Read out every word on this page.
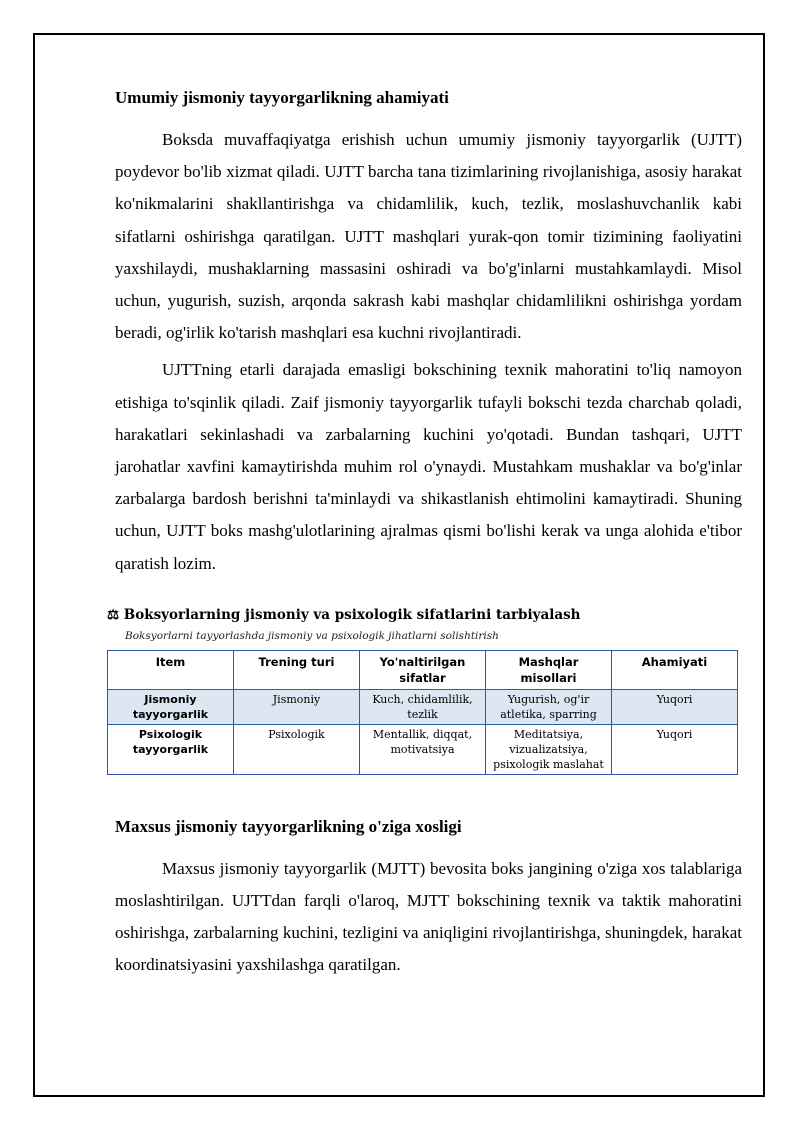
Umumiy jismoniy tayyorgarlikning ahamiyati

Boksda muvaffaqiyatga erishish uchun umumiy jismoniy tayyorgarlik (UJTT) poydevor bo'lib xizmat qiladi. UJTT barcha tana tizimlarining rivojlanishiga, asosiy harakat ko'nikmalarini shakllantirishga va chidamlilik, kuch, tezlik, moslashuvchanlik kabi sifatlarni oshirishga qaratilgan. UJTT mashqlari yurak-qon tomir tizimining faoliyatini yaxshilaydi, mushaklarning massasini oshiradi va bo'g'inlarni mustahkamlaydi. Misol uchun, yugurish, suzish, arqonda sakrash kabi mashqlar chidamlilikni oshirishga yordam beradi, og'irlik ko'tarish mashqlari esa kuchni rivojlantiradi.

UJTTning etarli darajada emasligi bokschining texnik mahoratini to'liq namoyon etishiga to'sqinlik qiladi. Zaif jismoniy tayyorgarlik tufayli bokschi tezda charchab qoladi, harakatlari sekinlashadi va zarbalarning kuchini yo'qotadi. Bundan tashqari, UJTT jarohatlar xavfini kamaytirishda muhim rol o'ynaydi. Mustahkam mushaklar va bo'g'inlar zarbalarga bardosh berishni ta'minlaydi va shikastlanish ehtimolini kamaytiradi. Shuning uchun, UJTT boks mashg'ulotlarining ajralmas qismi bo'lishi kerak va unga alohida e'tibor qaratish lozim.

⚖ Boksyorlarning jismoniy va psixologik sifatlarini tarbiyalash
Boksyorlarni tayyorlashda jismoniy va psixologik jihatlarni solishtirish
Item	Trening turi	Yo'naltirilgan sifatlar	Mashqlar misollari	Ahamiyati
Jismoniy tayyorgarlik	Jismoniy	Kuch, chidamlilik, tezlik	Yugurish, og'ir atletika, sparring	Yuqori
Psixologik tayyorgarlik	Psixologik	Mentallik, diqqat, motivatsiya	Meditatsiya, vizualizatsiya, psixologik maslahat	Yuqori
Maxsus jismoniy tayyorgarlikning o'ziga xosligi

Maxsus jismoniy tayyorgarlik (MJTT) bevosita boks jangining o'ziga xos talablariga moslashtirilgan. UJTTdan farqli o'laroq, MJTT bokschining texnik va taktik mahoratini oshirishga, zarbalarning kuchini, tezligini va aniqligini rivojlantirishga, shuningdek, harakat koordinatsiyasini yaxshilashga qaratilgan.
